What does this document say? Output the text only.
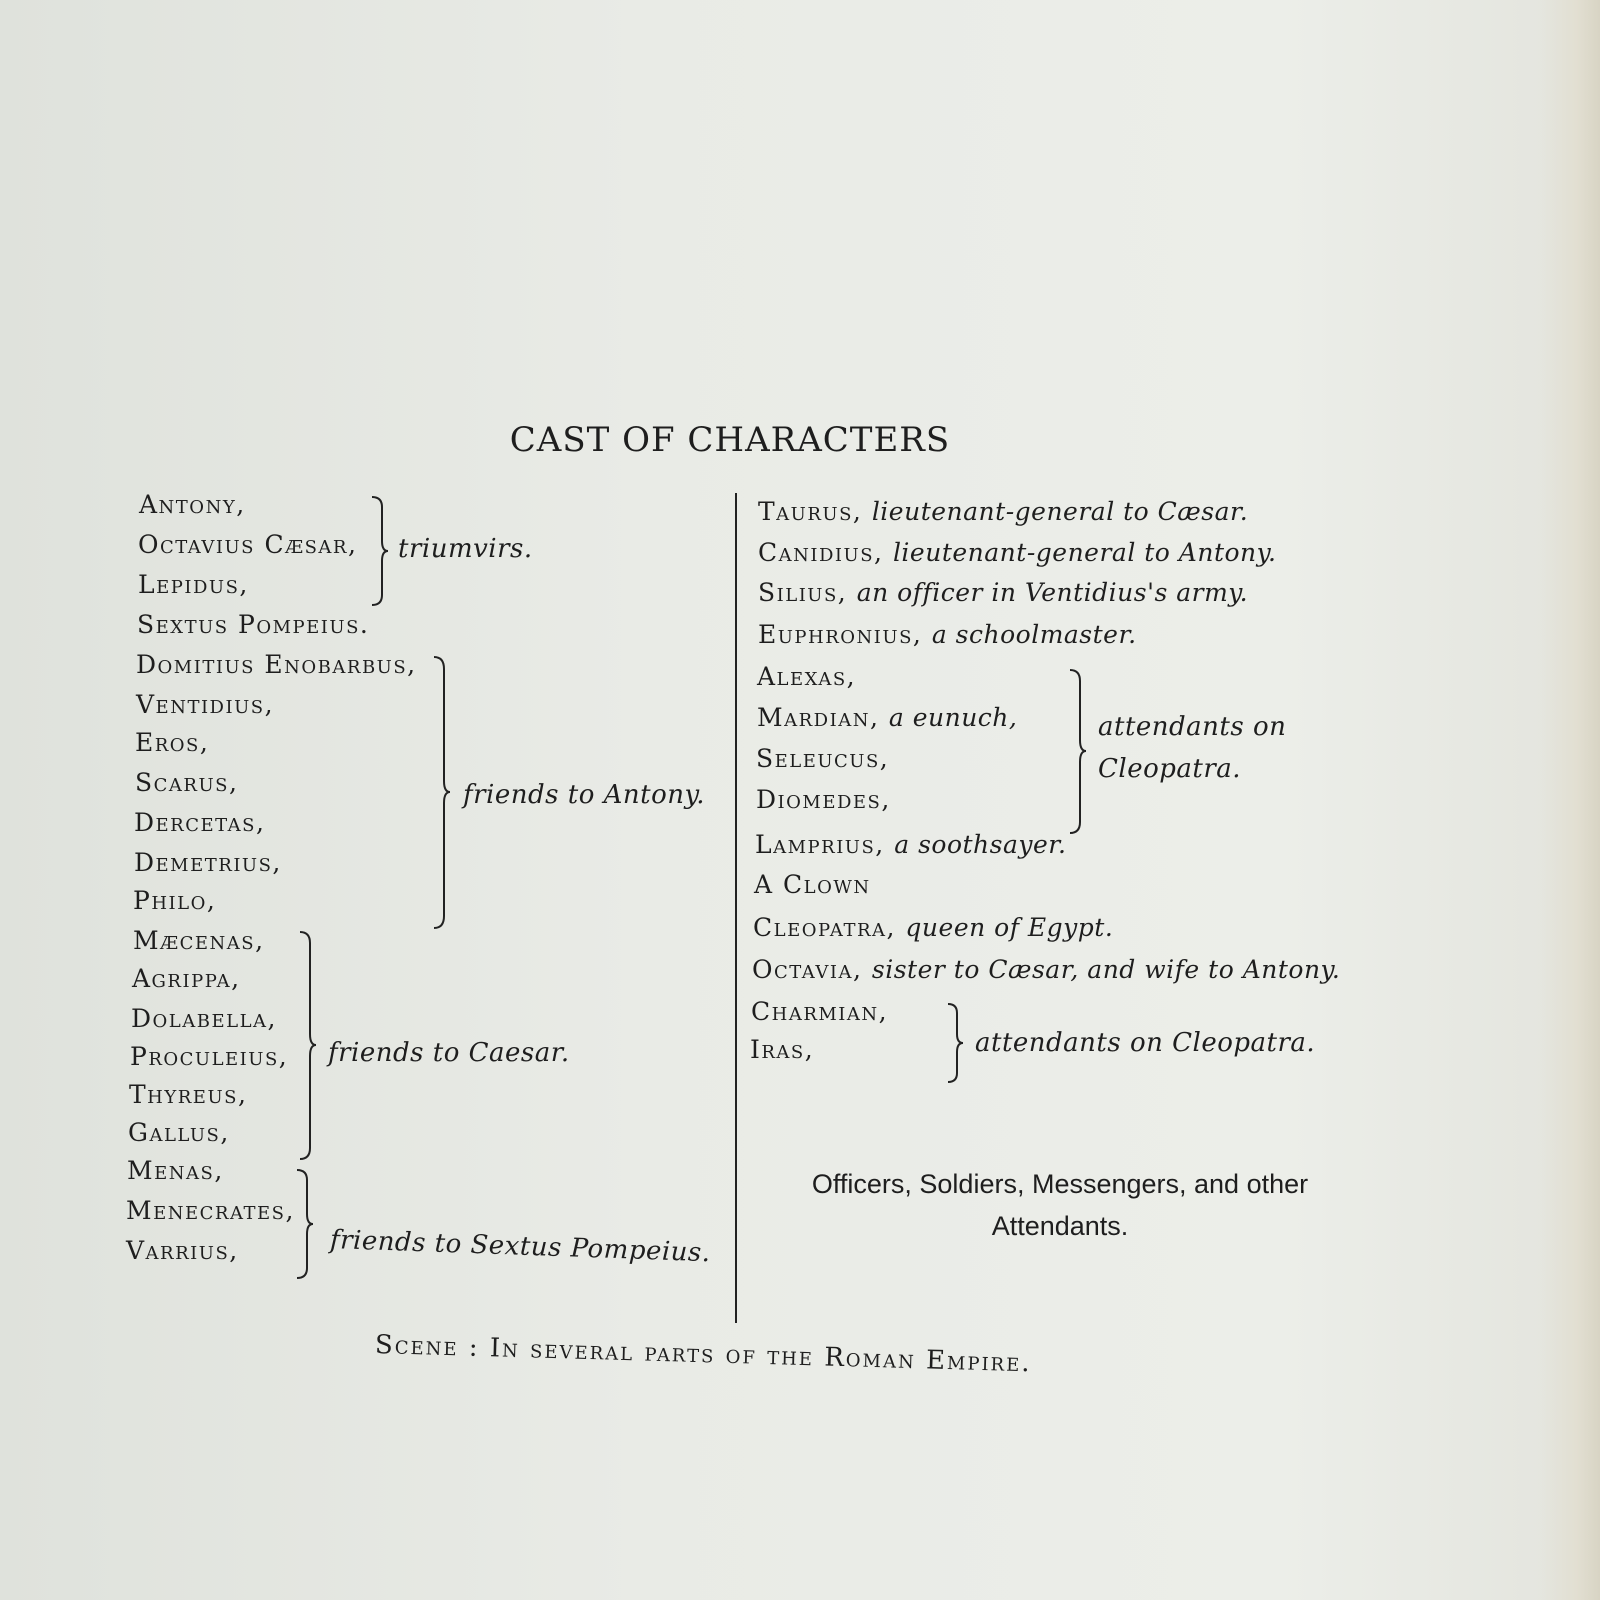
CAST OF CHARACTERS
Antony,
Octavius Cæsar,
Lepidus,
triumvirs.
Sextus Pompeius.
Domitius Enobarbus,
Ventidius,
Eros,
Scarus,
Dercetas,
Demetrius,
Philo,
friends to Antony.
Mæcenas,
Agrippa,
Dolabella,
Proculeius,
Thyreus,
Gallus,
friends to Caesar.
Menas,
Menecrates,
Varrius,	friends to Sextus Pompeius.
Taurus, lieutenant-general to Cæsar.
Canidius, lieutenant-general to Antony.
Silius, an officer in Ventidius's army.
Euphronius, a schoolmaster.
Alexas,
Mardian, a eunuch,
Seleucus,
Diomedes,
attendants on
Cleopatra.
Lamprius, a soothsayer.
A Clown
Cleopatra, queen of Egypt.
Octavia, sister to Cæsar, and wife to Antony.
Charmian,
Iras,	attendants on Cleopatra.
Officers, Soldiers, Messengers, and other
Attendants.
Scene : In several parts of the Roman Empire.
